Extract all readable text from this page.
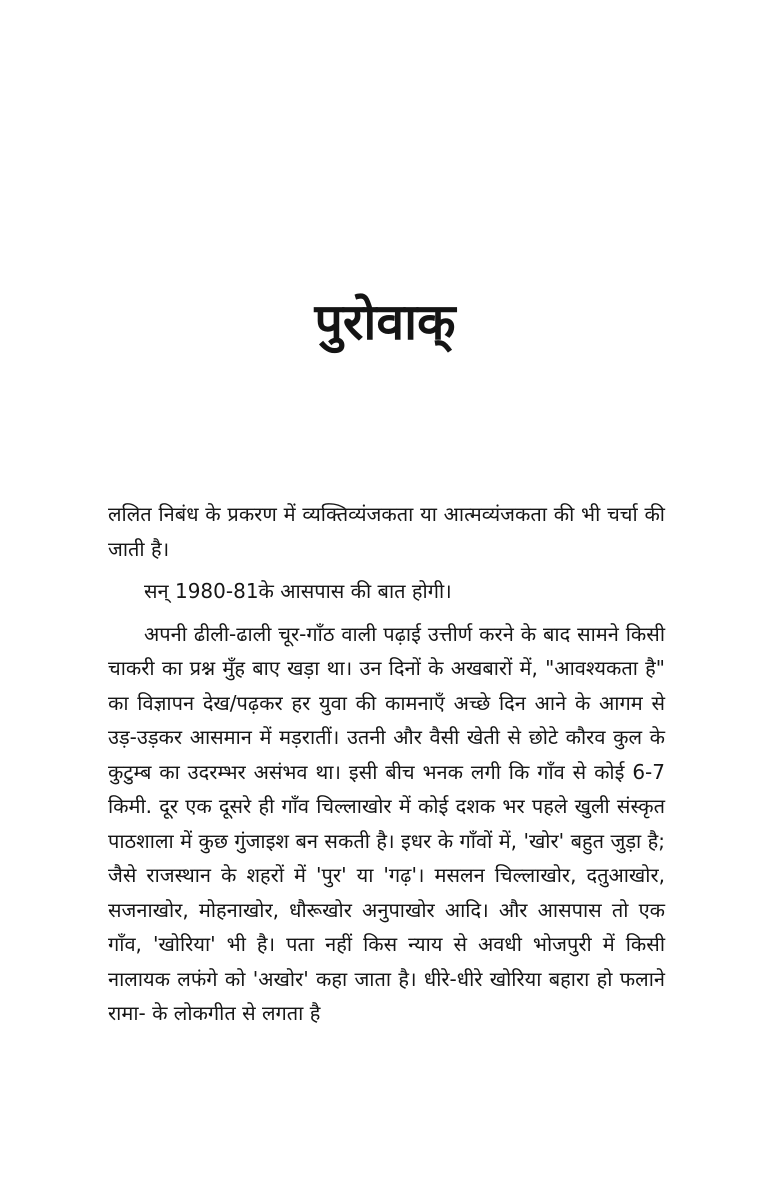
पुरोवाक्

ललित निबंध के प्रकरण में व्यक्तिव्यंजकता या आत्मव्यंजकता की भी चर्चा की जाती है।

सन् 1980-81के आसपास की बात होगी।

अपनी ढीली-ढाली चूर-गाँठ वाली पढ़ाई उत्तीर्ण करने के बाद सामने किसी चाकरी का प्रश्न मुँह बाए खड़ा था। उन दिनों के अखबारों में, "आवश्यकता है" का विज्ञापन देख/पढ़कर हर युवा की कामनाएँ अच्छे दिन आने के आगम से उड़-उड़कर आसमान में मड़रातीं। उतनी और वैसी खेती से छोटे कौरव कुल के कुटुम्ब का उदरम्भर असंभव था। इसी बीच भनक लगी कि गाँव से कोई 6-7 किमी. दूर एक दूसरे ही गाँव चिल्लाखोर में कोई दशक भर पहले खुली संस्कृत पाठशाला में कुछ गुंजाइश बन सकती है। इधर के गाँवों में, 'खोर' बहुत जुड़ा है; जैसे राजस्थान के शहरों में 'पुर' या 'गढ़'। मसलन चिल्लाखोर, दतुआखोर, सजनाखोर, मोहनाखोर, धौरूखोर अनुपाखोर आदि। और आसपास तो एक गाँव, 'खोरिया' भी है। पता नहीं किस न्याय से अवधी भोजपुरी में किसी नालायक लफंगे को 'अखोर' कहा जाता है। धीरे-धीरे खोरिया बहारा हो फलाने रामा- के लोकगीत से लगता है
